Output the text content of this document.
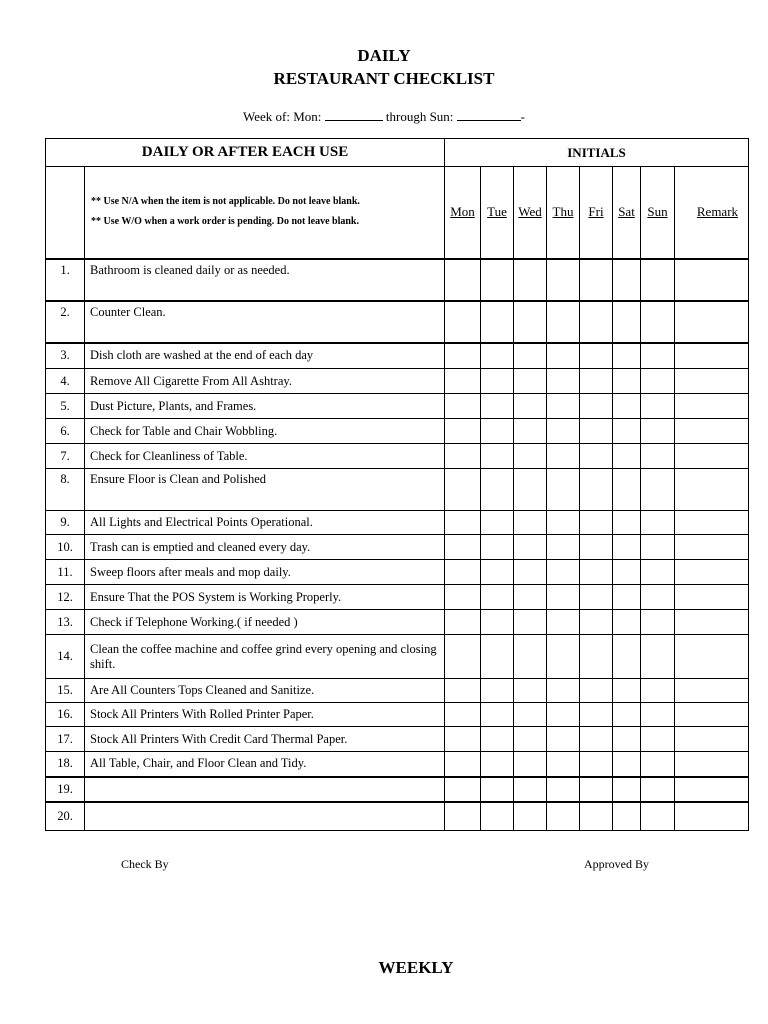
DAILY
RESTAURANT CHECKLIST
Week of: Mon:	through Sun:	-
DAILY OR AFTER EACH USE		INITIALS							

	** Use N/A when the item is not applicable. Do not leave blank.
** Use W/O when a work order is pending. Do not leave blank.	Mon	Tue	Wed	Thu	Fri	Sat	Sun	Remark
1.	Bathroom is cleaned daily or as needed.								
2.	Counter Clean.								
3.	Dish cloth are washed at the end of each day								
4.	Remove All Cigarette From All Ashtray.								
5.	Dust Picture, Plants, and Frames.								
6.	Check for Table and Chair Wobbling.								
7.	Check for Cleanliness of Table.								
8.	Ensure Floor is Clean and Polished								
9.	All Lights and Electrical Points Operational.								
10.	Trash can is emptied and cleaned every day.								
11.	Sweep floors after meals and mop daily.								
12.	Ensure That the POS System is Working Properly.								
13.	Check if Telephone Working.( if needed )								
14.	Clean the coffee machine and coffee grind every opening and closing shift.								
15.	Are All Counters Tops Cleaned and Sanitize.								
16.	Stock All Printers With Rolled Printer Paper.								
17.	Stock All Printers With Credit Card Thermal Paper.								
18.	All Table, Chair, and Floor Clean and Tidy.								
19.									
20.									
Check By	Approved By
WEEKLY
